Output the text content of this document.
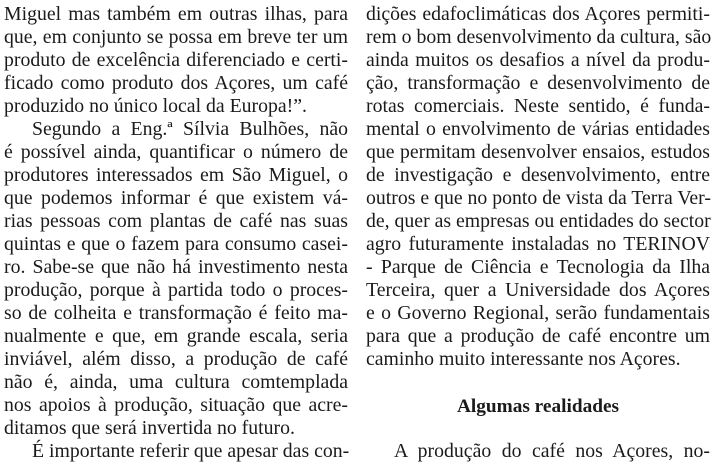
Miguel mas também em outras ilhas, para
que, em conjunto se possa em breve ter um
produto de excelência diferenciado e certi-
ficado como produto dos Açores, um café
produzido no único local da Europa!”.
Segundo a Eng.ª Sílvia Bulhões, não
é possível ainda, quantificar o número de
produtores interessados em São Miguel, o
que podemos informar é que existem vá-
rias pessoas com plantas de café nas suas
quintas e que o fazem para consumo casei-
ro. Sabe-se que não há investimento nesta
produção, porque à partida todo o proces-
so de colheita e transformação é feito ma-
nualmente e que, em grande escala, seria
inviável, além disso, a produção de café
não é, ainda, uma cultura comtemplada
nos apoios à produção, situação que acre-
ditamos que será invertida no futuro.
É importante referir que apesar das con-
dições edafoclimáticas dos Açores permiti-
rem o bom desenvolvimento da cultura, são
ainda muitos os desafios a nível da produ-
ção, transformação e desenvolvimento de
rotas comerciais. Neste sentido, é funda-
mental o envolvimento de várias entidades
que permitam desenvolver ensaios, estudos
de investigação e desenvolvimento, entre
outros e que no ponto de vista da Terra Ver-
de, quer as empresas ou entidades do sector
agro futuramente instaladas no TERINOV
- Parque de Ciência e Tecnologia da Ilha
Terceira, quer a Universidade dos Açores
e o Governo Regional, serão fundamentais
para que a produção de café encontre um
caminho muito interessante nos Açores.
Algumas realidades
A produção do café nos Açores, no-
